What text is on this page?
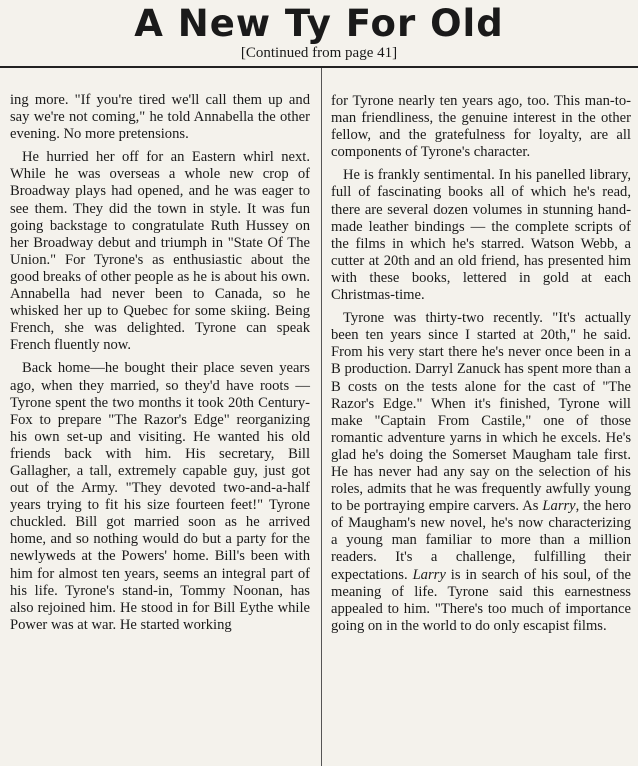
A New Ty For Old
[Continued from page 41]

ing more. "If you're tired we'll call them up and say we're not coming," he told Annabella the other evening. No more pretensions.

He hurried her off for an Eastern whirl next. While he was overseas a whole new crop of Broadway plays had opened, and he was eager to see them. They did the town in style. It was fun going backstage to congratulate Ruth Hussey on her Broadway debut and triumph in "State Of The Union." For Tyrone's as enthusiastic about the good breaks of other people as he is about his own. Annabella had never been to Canada, so he whisked her up to Quebec for some skiing. Being French, she was delighted. Tyrone can speak French fluently now.

Back home—he bought their place seven years ago, when they married, so they'd have roots — Tyrone spent the two months it took 20th Century-Fox to prepare "The Razor's Edge" reorganizing his own set-up and visiting. He wanted his old friends back with him. His secretary, Bill Gallagher, a tall, extremely capable guy, just got out of the Army. "They devoted two-and-a-half years trying to fit his size fourteen feet!" Tyrone chuckled. Bill got married soon as he arrived home, and so nothing would do but a party for the newlyweds at the Powers' home. Bill's been with him for almost ten years, seems an integral part of his life. Tyrone's stand-in, Tommy Noonan, has also rejoined him. He stood in for Bill Eythe while Power was at war. He started working

for Tyrone nearly ten years ago, too. This man-to-man friendliness, the genuine interest in the other fellow, and the gratefulness for loyalty, are all components of Tyrone's character.

He is frankly sentimental. In his panelled library, full of fascinating books all of which he's read, there are several dozen volumes in stunning hand-made leather bindings — the complete scripts of the films in which he's starred. Watson Webb, a cutter at 20th and an old friend, has presented him with these books, lettered in gold at each Christmas-time.

Tyrone was thirty-two recently. "It's actually been ten years since I started at 20th," he said. From his very start there he's never once been in a B production. Darryl Zanuck has spent more than a B costs on the tests alone for the cast of "The Razor's Edge." When it's finished, Tyrone will make "Captain From Castile," one of those romantic adventure yarns in which he excels. He's glad he's doing the Somerset Maugham tale first. He has never had any say on the selection of his roles, admits that he was frequently awfully young to be portraying empire carvers. As Larry, the hero of Maugham's new novel, he's now characterizing a young man familiar to more than a million readers. It's a challenge, fulfilling their expectations. Larry is in search of his soul, of the meaning of life. Tyrone said this earnestness appealed to him. "There's too much of importance going on in the world to do only escapist films.
